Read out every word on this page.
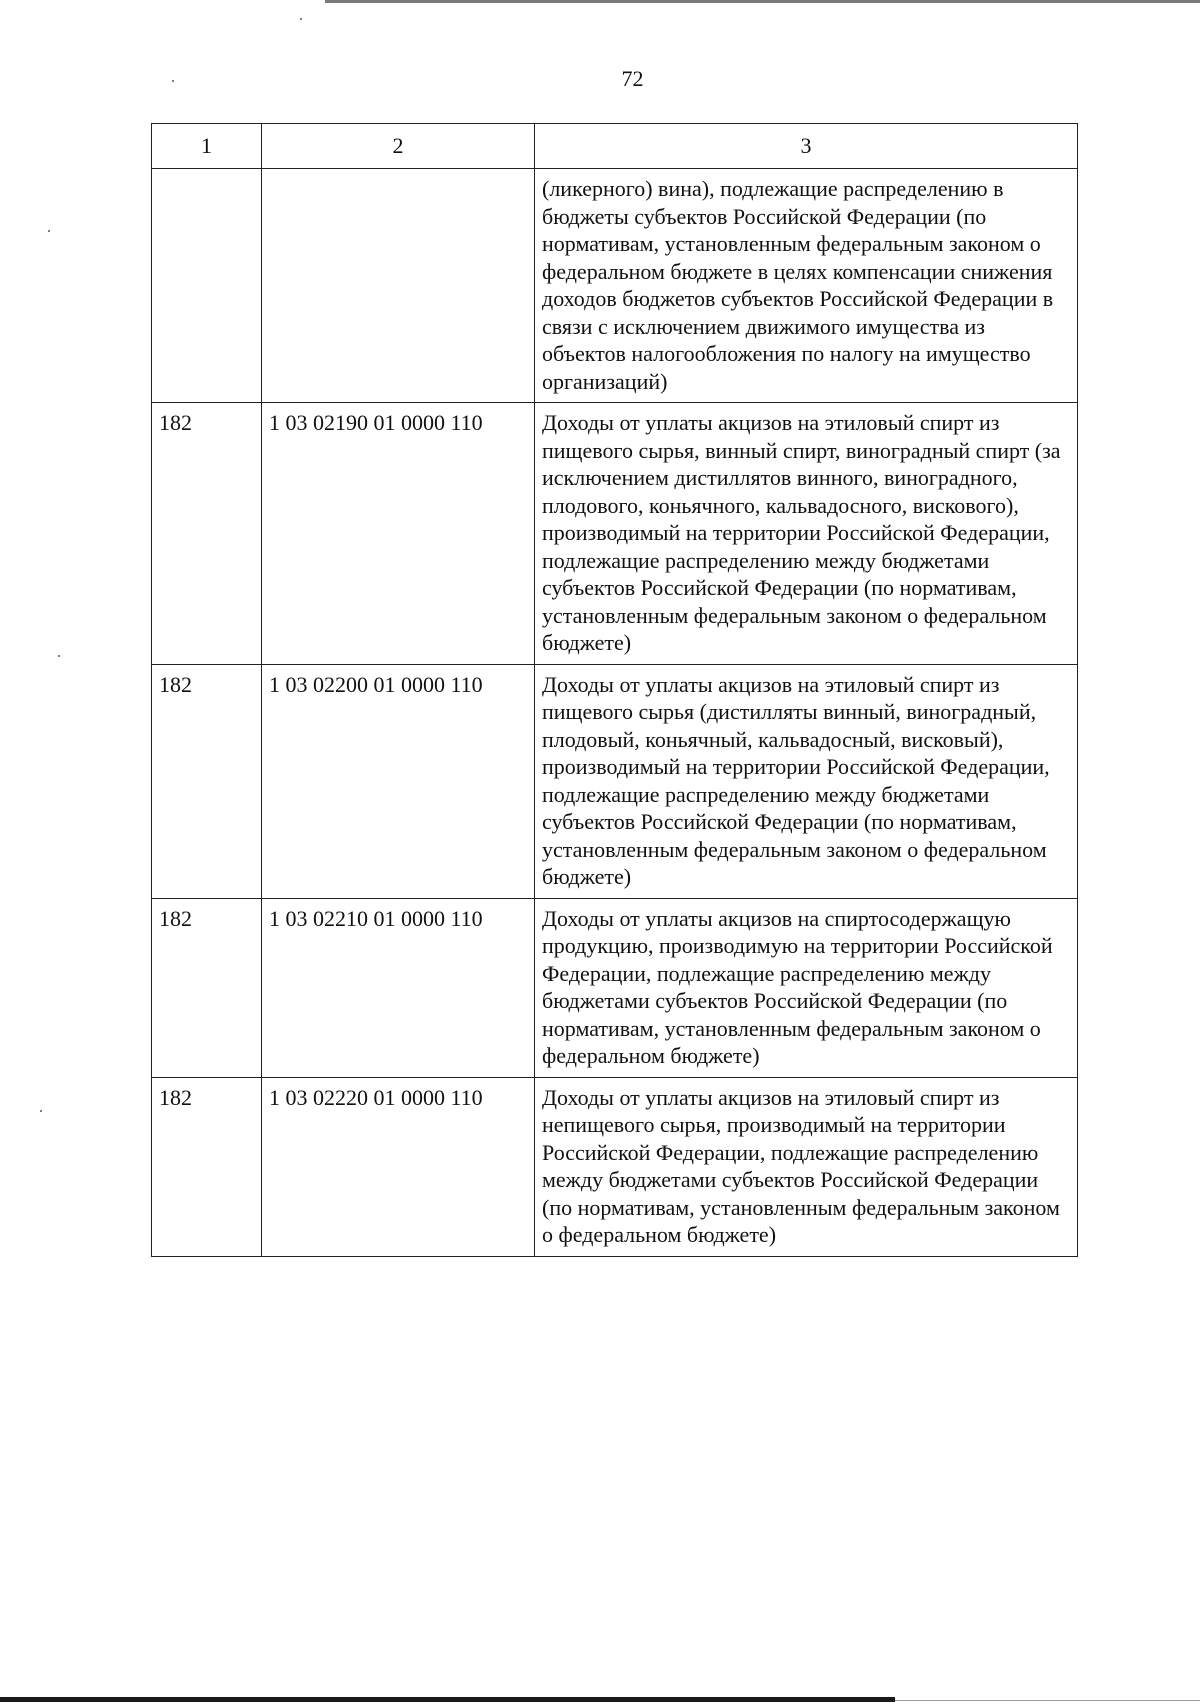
72
1	2	3
		(ликерного) вина), подлежащие распределению в бюджеты субъектов Российской Федерации (по нормативам, установленным федеральным законом о федеральном бюджете в целях компенсации снижения доходов бюджетов субъектов Российской Федерации в связи с исключением движимого имущества из объектов налогообложения по налогу на имущество организаций)
182	1 03 02190 01 0000 110	Доходы от уплаты акцизов на этиловый спирт из пищевого сырья, винный спирт, виноградный спирт (за исключением дистиллятов винного, виноградного, плодового, коньячного, кальвадосного, вискового), производимый на территории Российской Федерации, подлежащие распределению между бюджетами субъектов Российской Федерации (по нормативам, установленным федеральным законом о федеральном бюджете)
182	1 03 02200 01 0000 110	Доходы от уплаты акцизов на этиловый спирт из пищевого сырья (дистилляты винный, виноградный, плодовый, коньячный, кальвадосный, висковый), производимый на территории Российской Федерации, подлежащие распределению между бюджетами субъектов Российской Федерации (по нормативам, установленным федеральным законом о федеральном бюджете)
182	1 03 02210 01 0000 110	Доходы от уплаты акцизов на спиртосодержащую продукцию, производимую на территории Российской Федерации, подлежащие распределению между бюджетами субъектов Российской Федерации (по нормативам, установленным федеральным законом о федеральном бюджете)
182	1 03 02220 01 0000 110	Доходы от уплаты акцизов на этиловый спирт из непищевого сырья, производимый на территории Российской Федерации, подлежащие распределению между бюджетами субъектов Российской Федерации (по нормативам, установленным федеральным законом о федеральном бюджете)
